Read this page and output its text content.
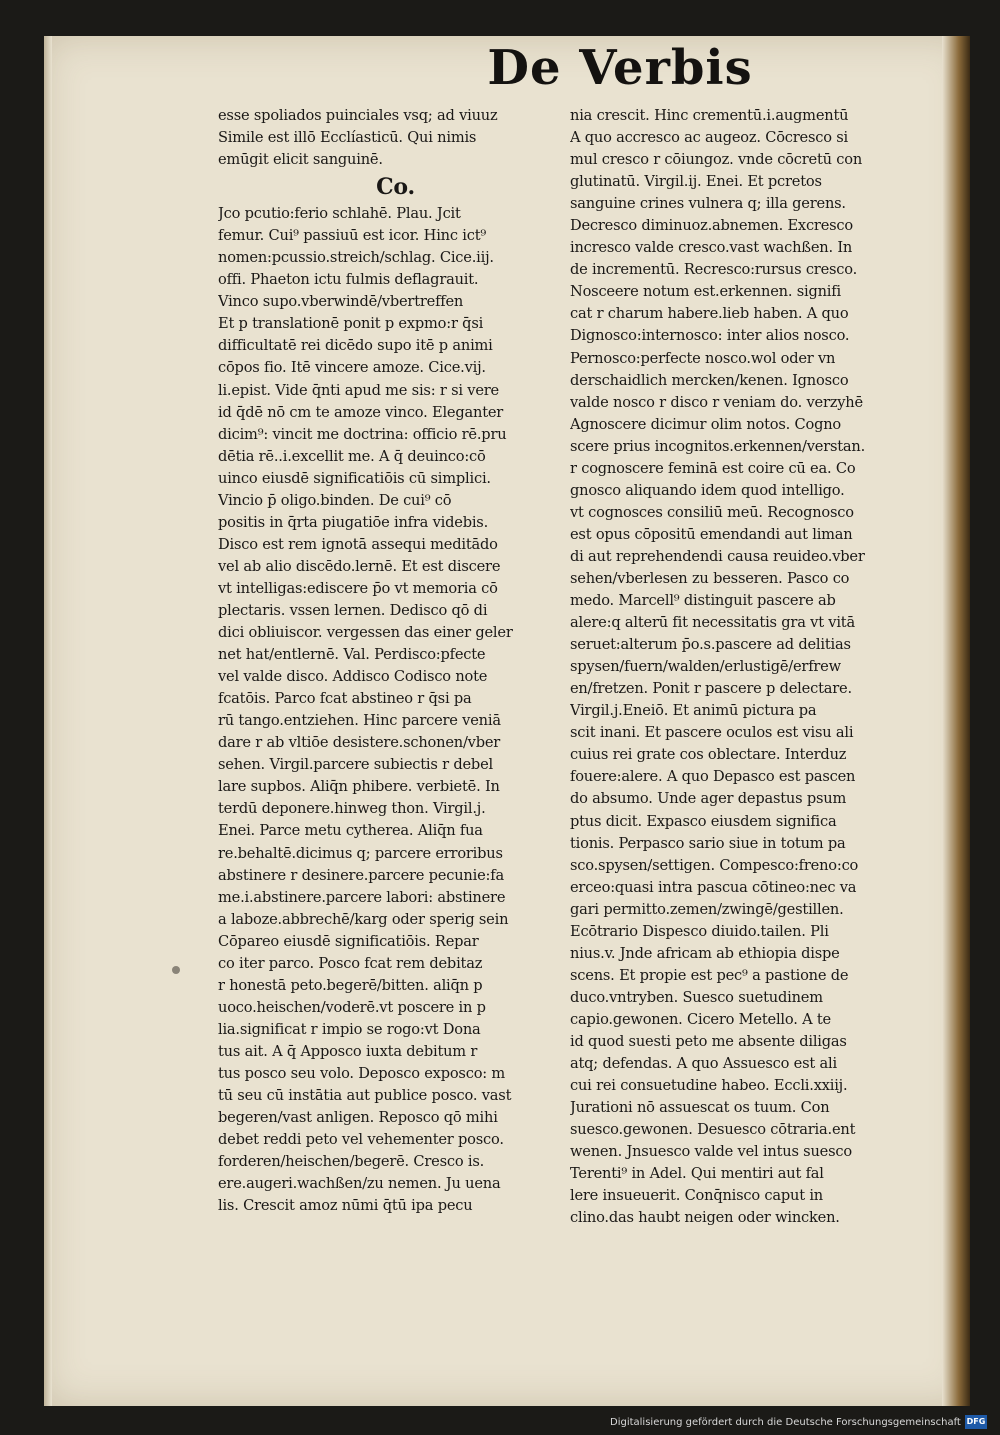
De Verbis
esse spoliados puinciales vsq; ad viuuz
Simile est illō Ecclíasticū. Qui nimis
emūgit elicit sanguinē.
Co.
Jco pcutio:ferio schlahē. Plau. Jcit
femur. Cui⁹ passiuū est icor. Hinc ict⁹
nomen:pcussio.streich/schlag. Cice.iij.
offi. Phaeton ictu fulmis deflagrauit.
Vinco supo.vberwindē/vbertreffen
Et p translationē ponit p expmo:r q̄si
difficultatē rei dicēdo supo itē p animi
cōpos fio. Itē vincere amoze. Cice.vij.
li.epist. Vide q̄nti apud me sis: r si vere
id q̄dē nō cm te amoze vinco. Eleganter
dicim⁹: vincit me doctrina: officio rē.pru
dētia rē..i.excellit me. A q̄ deuinco:cō
uinco eiusdē significatiōis cū simplici.
Vincio p̄ oligo.binden. De cui⁹ cō
positis in q̄rta piugatiōe infra videbis.
Disco est rem ignotā assequi meditādo
vel ab alio discēdo.lernē. Et est discere
vt intelligas:ediscere p̄o vt memoria cō
plectaris. vssen lernen. Dedisco qō di
dici obliuiscor. vergessen das einer geler
net hat/entlernē. Val. Perdisco:pfecte
vel valde disco. Addisco Codisco note
fcatōis. Parco fcat abstineo r q̄si pa
rū tango.entziehen. Hinc parcere veniā
dare r ab vltiōe desistere.schonen/vber
sehen. Virgil.parcere subiectis r debel
lare supbos. Aliq̄n phibere. verbietē. In
terdū deponere.hinweg thon. Virgil.j.
Enei. Parce metu cytherea. Aliq̄n fua
re.behaltē.dicimus q; parcere erroribus
abstinere r desinere.parcere pecunie:fa
me.i.abstinere.parcere labori: abstinere
a laboze.abbrechē/karg oder sperig sein
Cōpareo eiusdē significatiōis. Repar
co iter parco. Posco fcat rem debitaz
r honestā peto.begerē/bitten. aliq̄n p
uoco.heischen/voderē.vt poscere in p
lia.significat r impio se rogo:vt Dona
tus ait. A q̄ Apposco iuxta debitum r
tus posco seu volo. Deposco exposco: m
tū seu cū instātia aut publice posco. vast
begeren/vast anligen. Reposco qō mihi
debet reddi peto vel vehementer posco.
forderen/heischen/begerē. Cresco is.
ere.augeri.wachßen/zu nemen. Ju uena
lis. Crescit amoz nūmi q̄tū ipa pecu
nia crescit. Hinc crementū.i.augmentū
A quo accresco ac augeoz. Cōcresco si
mul cresco r cōiungoz. vnde cōcretū con
glutinatū. Virgil.ij. Enei. Et pcretos
sanguine crines vulnera q; illa gerens.
Decresco diminuoz.abnemen. Excresco
incresco valde cresco.vast wachßen. In
de incrementū. Recresco:rursus cresco.
Nosceere notum est.erkennen. signifi
cat r charum habere.lieb haben. A quo
Dignosco:internosco: inter alios nosco.
Pernosco:perfecte nosco.wol oder vn
derschaidlich mercken/kenen. Ignosco
valde nosco r disco r veniam do. verzyhē
Agnoscere dicimur olim notos. Cogno
scere prius incognitos.erkennen/verstan.
r cognoscere feminā est coire cū ea. Co
gnosco aliquando idem quod intelligo.
vt cognosces consiliū meū. Recognosco
est opus cōpositū emendandi aut liman
di aut reprehendendi causa reuideo.vber
sehen/vberlesen zu besseren. Pasco co
medo. Marcell⁹ distinguit pascere ab
alere:q alterū fit necessitatis gra vt vitā
seruet:alterum p̄o.s.pascere ad delitias
spysen/fuern/walden/erlustigē/erfrew
en/fretzen. Ponit r pascere p delectare.
Virgil.j.Eneiō. Et animū pictura pa
scit inani. Et pascere oculos est visu ali
cuius rei grate cos oblectare. Interduz
fouere:alere. A quo Depasco est pascen
do absumo. Unde ager depastus psum
ptus dicit. Expasco eiusdem significa
tionis. Perpasco sario siue in totum pa
sco.spysen/settigen. Compesco:freno:co
erceo:quasi intra pascua cōtineo:nec va
gari permitto.zemen/zwingē/gestillen.
Ecōtrario Dispesco diuido.tailen. Pli
nius.v. Jnde africam ab ethiopia dispe
scens. Et propie est pec⁹ a pastione de
duco.vntryben. Suesco suetudinem
capio.gewonen. Cicero Metello. A te
id quod suesti peto me absente diligas
atq; defendas. A quo Assuesco est ali
cui rei consuetudine habeo. Eccli.xxiij.
Jurationi nō assuescat os tuum. Con
suesco.gewonen. Desuesco cōtraria.ent
wenen. Jnsuesco valde vel intus suesco
Terenti⁹ in Adel. Qui mentiri aut fal
lere insueuerit. Conq̄nisco caput in
clino.das haubt neigen oder wincken.
Digitalisierung gefördert durch die Deutsche Forschungsgemeinschaft DFG
